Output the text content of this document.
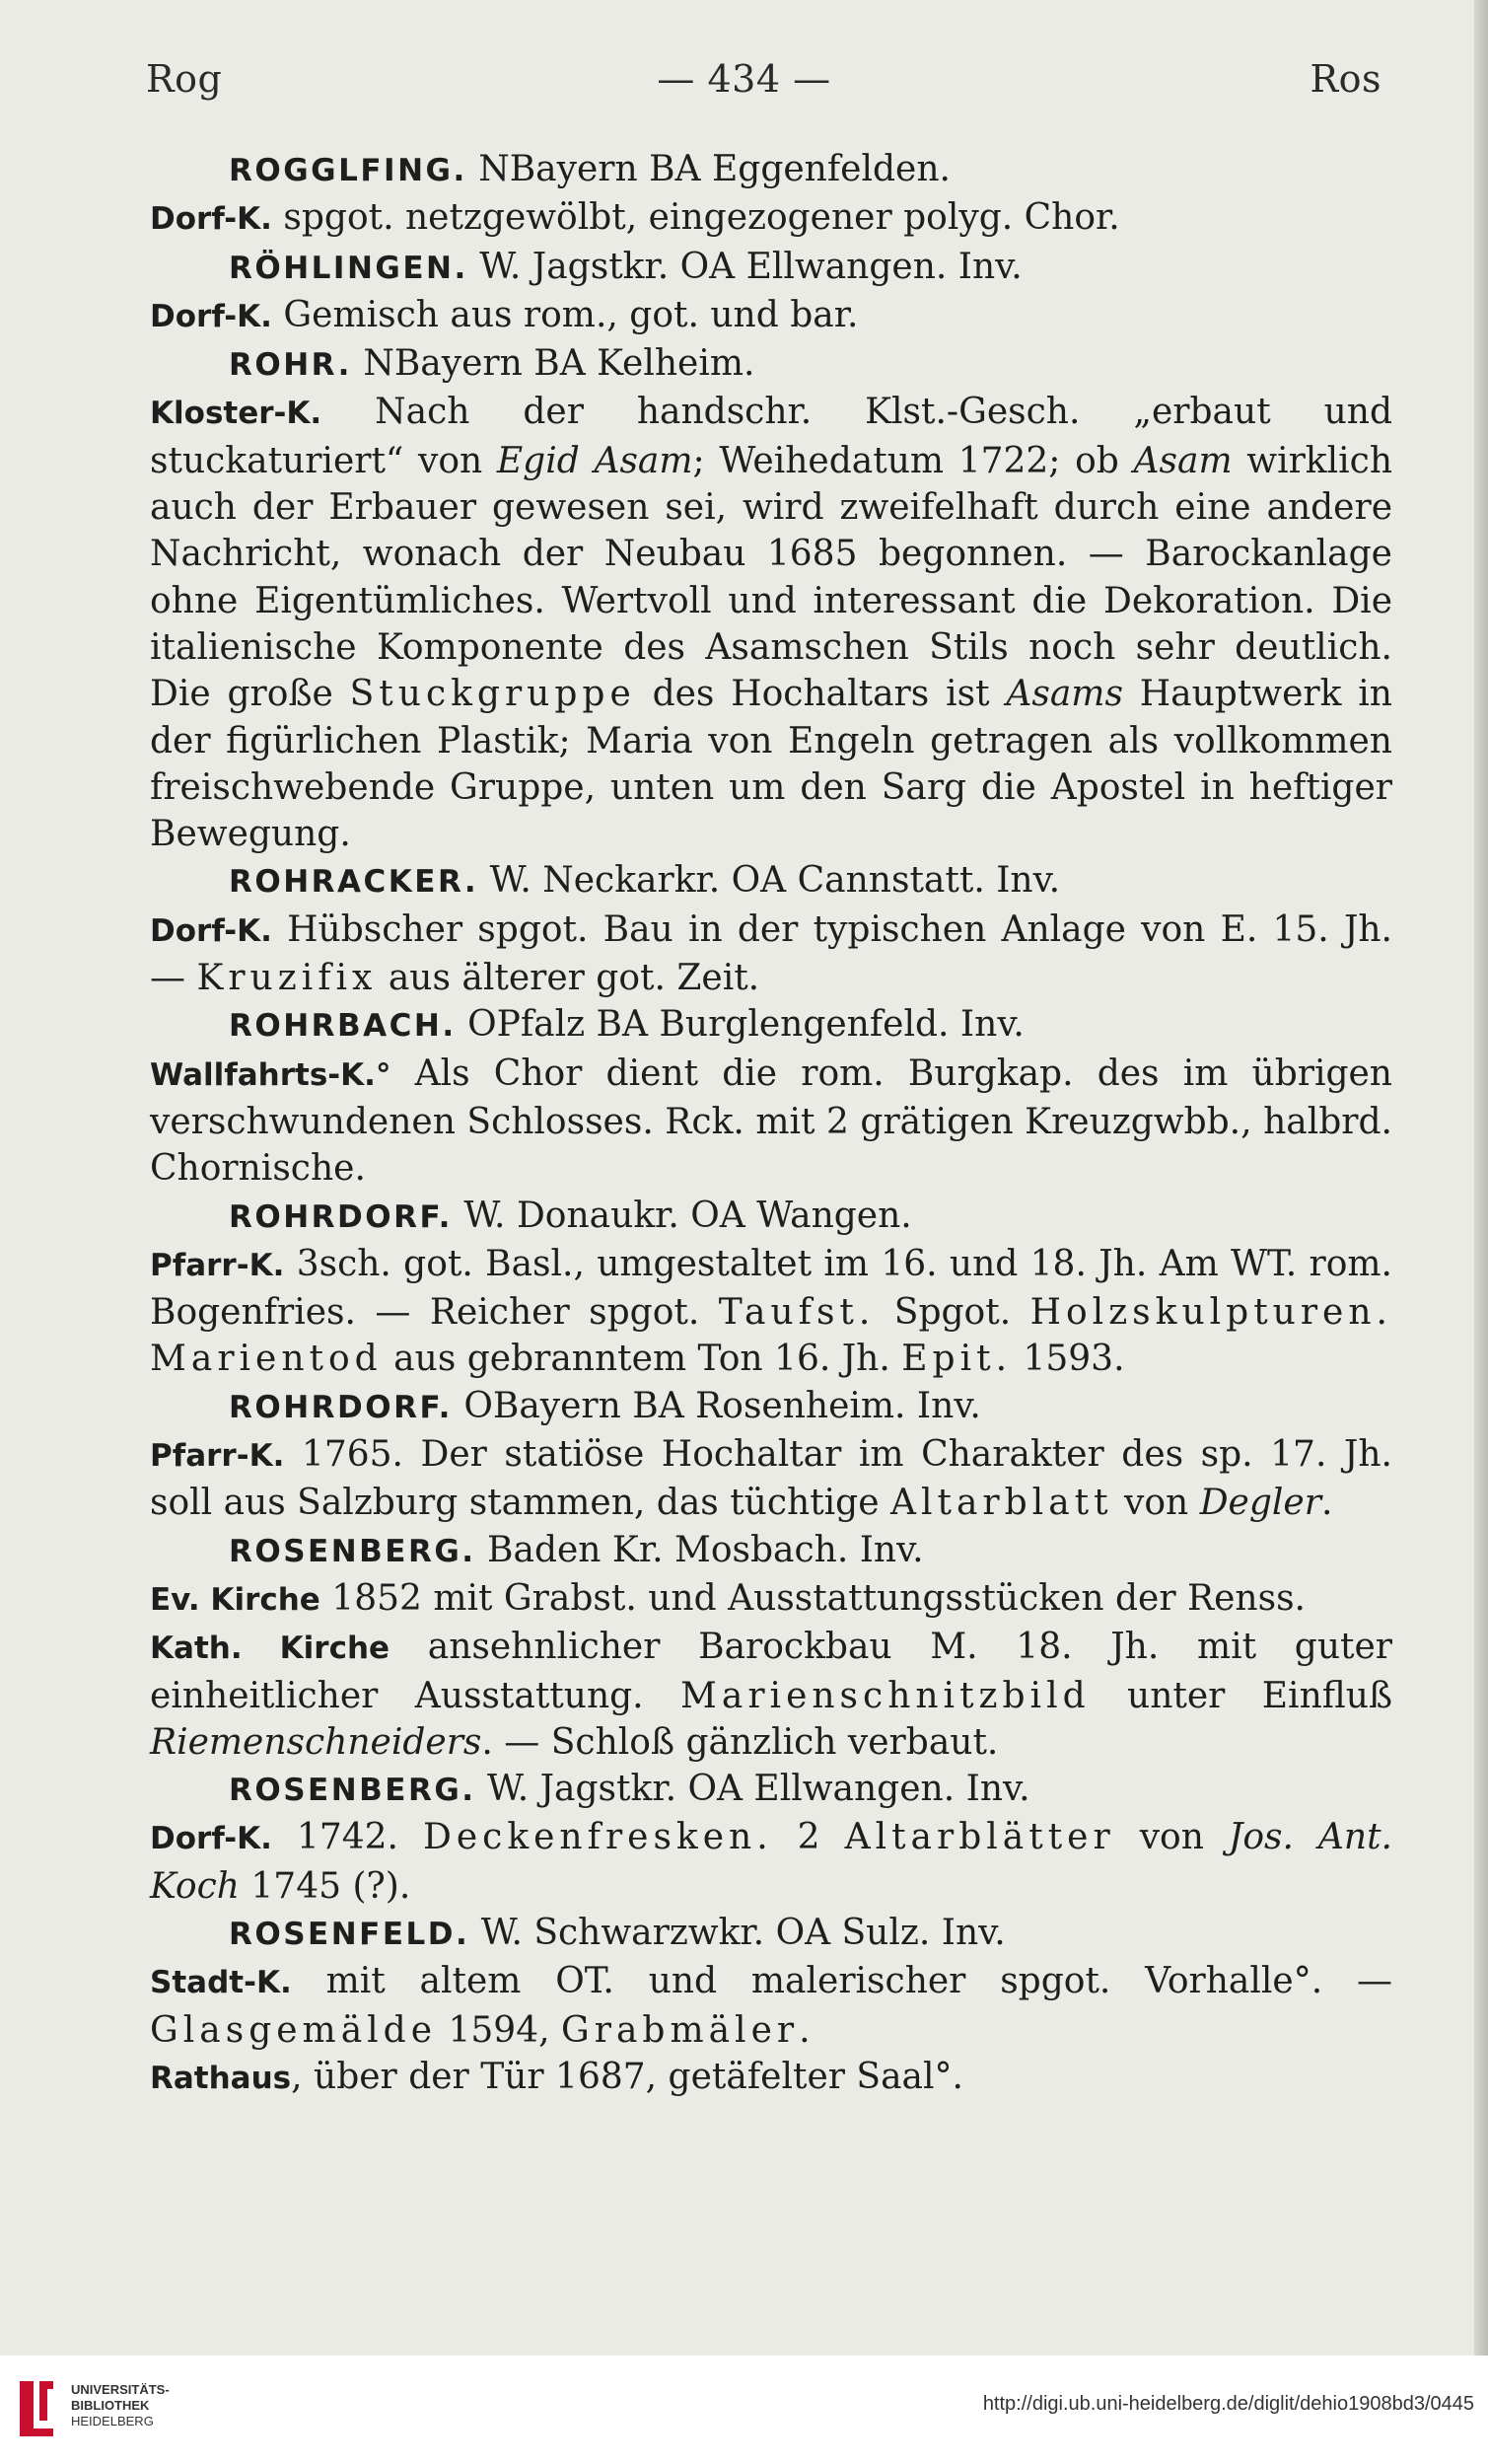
Rog	— 434 —	Ros

ROGGLFING. NBayern BA Eggenfelden.

Dorf-K. spgot. netzgewölbt, eingezogener polyg. Chor.

RÖHLINGEN. W. Jagstkr. OA Ellwangen. Inv.

Dorf-K. Gemisch aus rom., got. und bar.

ROHR. NBayern BA Kelheim.

Kloster-K. Nach der handschr. Klst.-Gesch. „erbaut und stuckaturiert“ von Egid Asam; Weihedatum 1722; ob Asam wirklich auch der Erbauer gewesen sei, wird zweifelhaft durch eine andere Nachricht, wonach der Neubau 1685 begonnen. — Barockanlage ohne Eigentümliches. Wertvoll und interessant die Dekoration. Die italienische Komponente des Asamschen Stils noch sehr deutlich. Die große Stuckgruppe des Hochaltars ist Asams Hauptwerk in der figürlichen Plastik; Maria von Engeln getragen als vollkommen freischwebende Gruppe, unten um den Sarg die Apostel in heftiger Bewegung.

ROHRACKER. W. Neckarkr. OA Cannstatt. Inv.

Dorf-K. Hübscher spgot. Bau in der typischen Anlage von E. 15. Jh. — Kruzifix aus älterer got. Zeit.

ROHRBACH. OPfalz BA Burglengenfeld. Inv.

Wallfahrts-K.° Als Chor dient die rom. Burgkap. des im übrigen verschwundenen Schlosses. Rck. mit 2 grätigen Kreuzgwbb., halbrd. Chornische.

ROHRDORF. W. Donaukr. OA Wangen.

Pfarr-K. 3sch. got. Basl., umgestaltet im 16. und 18. Jh. Am WT. rom. Bogenfries. — Reicher spgot. Taufst. Spgot. Holzskulpturen. Marientod aus gebranntem Ton 16. Jh. Epit. 1593.

ROHRDORF. OBayern BA Rosenheim. Inv.

Pfarr-K. 1765. Der statiöse Hochaltar im Charakter des sp. 17. Jh. soll aus Salzburg stammen, das tüchtige Altarblatt von Degler.

ROSENBERG. Baden Kr. Mosbach. Inv.

Ev. Kirche 1852 mit Grabst. und Ausstattungsstücken der Renss.

Kath. Kirche ansehnlicher Barockbau M. 18. Jh. mit guter einheitlicher Ausstattung. Marienschnitzbild unter Einfluß Riemenschneiders. — Schloß gänzlich verbaut.

ROSENBERG. W. Jagstkr. OA Ellwangen. Inv.

Dorf-K. 1742. Deckenfresken. 2 Altarblätter von Jos. Ant. Koch 1745 (?).

ROSENFELD. W. Schwarzwkr. OA Sulz. Inv.

Stadt-K. mit altem OT. und malerischer spgot. Vorhalle°. — Glasgemälde 1594, Grabmäler.

Rathaus, über der Tür 1687, getäfelter Saal°.

UNIVERSITÄTS-
BIBLIOTHEK
HEIDELBERG
http://digi.ub.uni-heidelberg.de/diglit/dehio1908bd3/0445
